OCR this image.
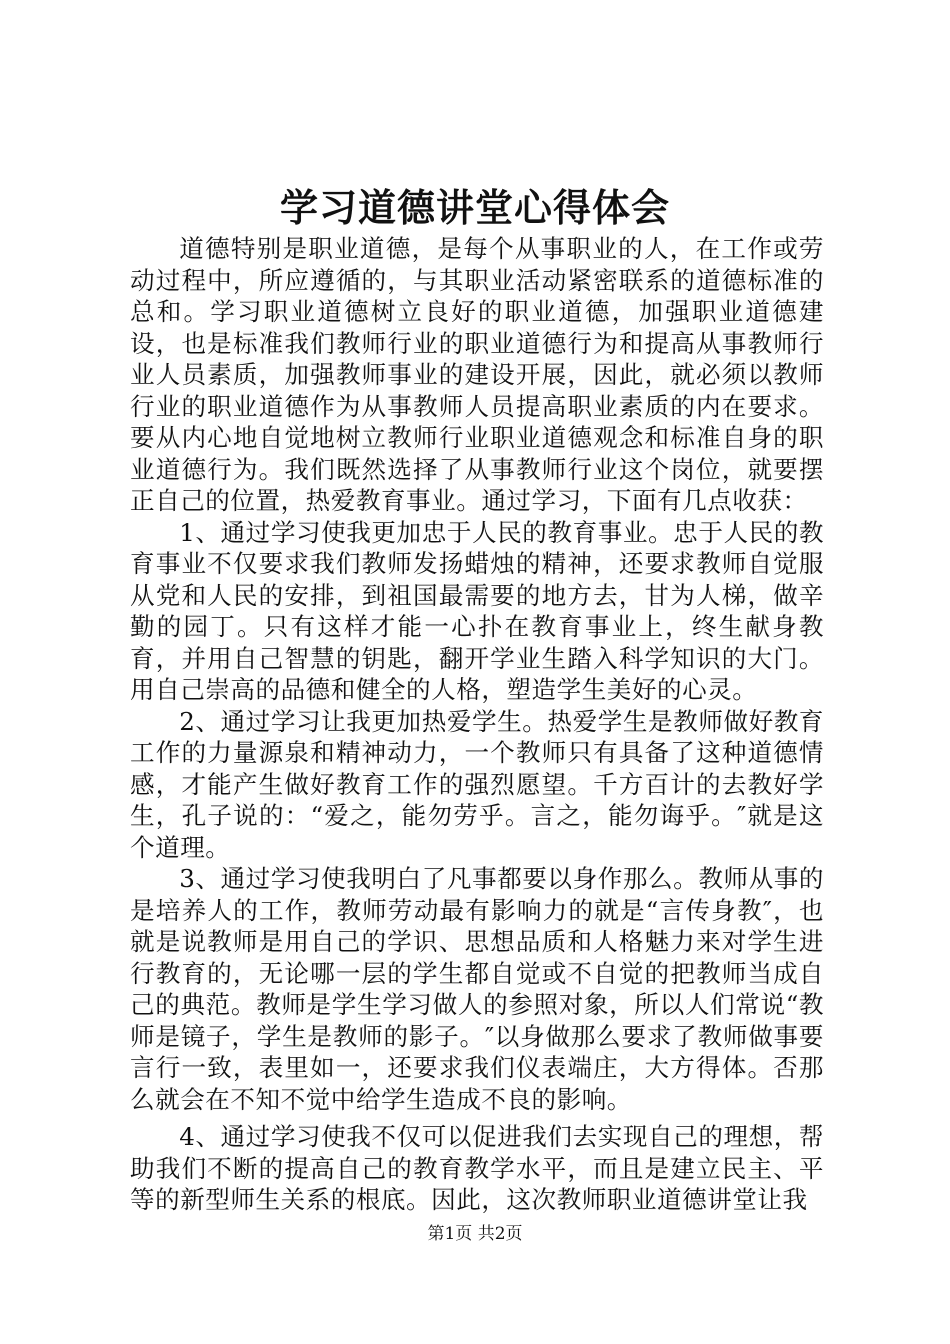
学习道德讲堂心得体会

道德特别是职业道德，是每个从事职业的人，在工作或劳动过程中，所应遵循的，与其职业活动紧密联系的道德标准的总和。学习职业道德树立良好的职业道德，加强职业道德建设，也是标准我们教师行业的职业道德行为和提高从事教师行业人员素质，加强教师事业的建设开展，因此，就必须以教师行业的职业道德作为从事教师人员提高职业素质的内在要求。要从内心地自觉地树立教师行业职业道德观念和标准自身的职业道德行为。我们既然选择了从事教师行业这个岗位，就要摆正自己的位置，热爱教育事业。通过学习，下面有几点收获：

1、通过学习使我更加忠于人民的教育事业。忠于人民的教育事业不仅要求我们教师发扬蜡烛的精神，还要求教师自觉服从党和人民的安排，到祖国最需要的地方去，甘为人梯，做辛勤的园丁。只有这样才能一心扑在教育事业上，终生献身教育，并用自己智慧的钥匙，翻开学业生踏入科学知识的大门。用自己崇高的品德和健全的人格，塑造学生美好的心灵。

2、通过学习让我更加热爱学生。热爱学生是教师做好教育工作的力量源泉和精神动力，一个教师只有具备了这种道德情感，才能产生做好教育工作的强烈愿望。千方百计的去教好学生，孔子说的：“爱之，能勿劳乎。言之，能勿诲乎。″就是这个道理。

3、通过学习使我明白了凡事都要以身作那么。教师从事的是培养人的工作，教师劳动最有影响力的就是“言传身教″，也就是说教师是用自己的学识、思想品质和人格魅力来对学生进行教育的，无论哪一层的学生都自觉或不自觉的把教师当成自己的典范。教师是学生学习做人的参照对象，所以人们常说“教师是镜子，学生是教师的影子。″以身做那么要求了教师做事要言行一致，表里如一，还要求我们仪表端庄，大方得体。否那么就会在不知不觉中给学生造成不良的影响。

4、通过学习使我不仅可以促进我们去实现自己的理想，帮助我们不断的提高自己的教育教学水平，而且是建立民主、平等的新型师生关系的根底。因此，这次教师职业道德讲堂让我

第1页 共2页
